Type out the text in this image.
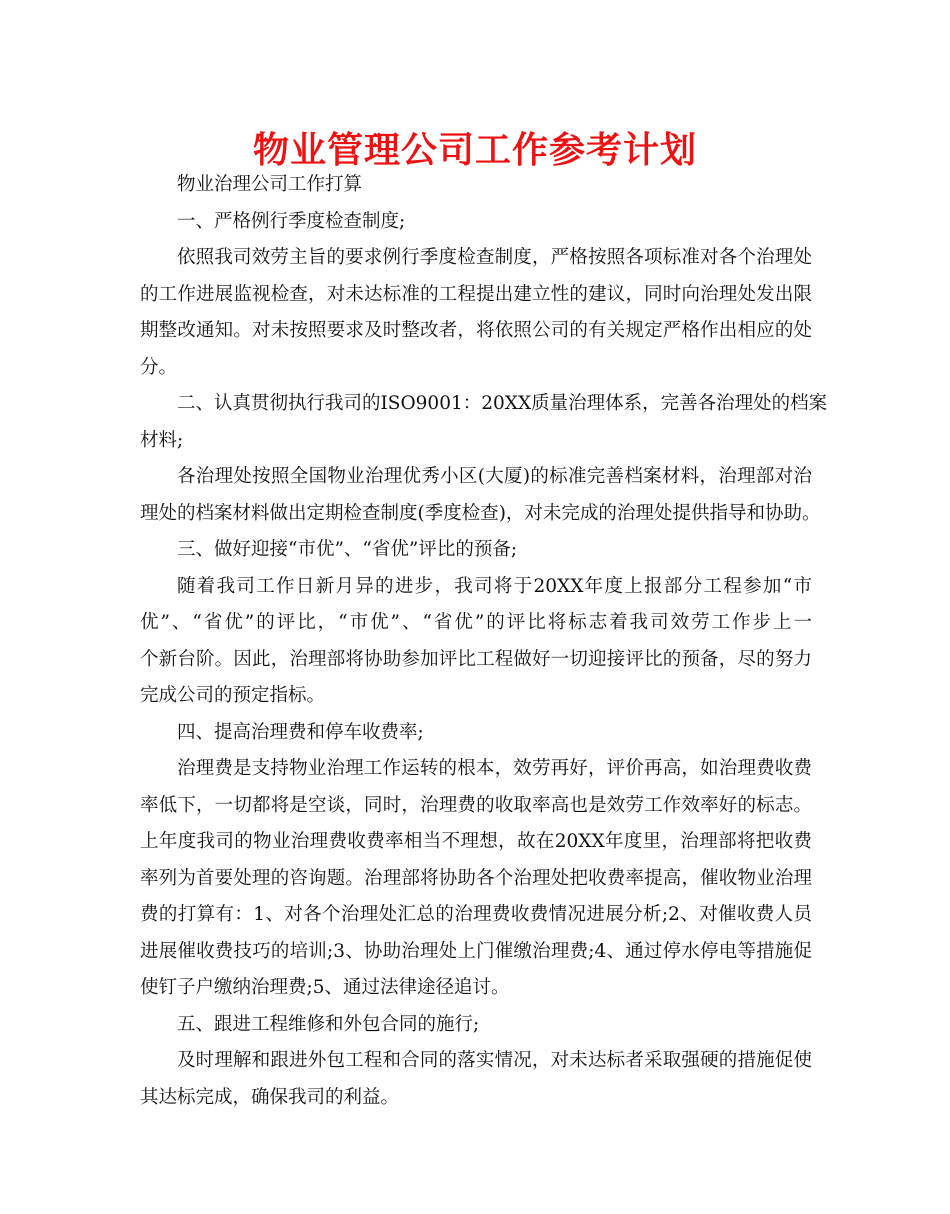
物业管理公司工作参考计划
物业治理公司工作打算
一、严格例行季度检查制度;
依照我司效劳主旨的要求例行季度检查制度，严格按照各项标准对各个治理处
的工作进展监视检查，对未达标准的工程提出建立性的建议，同时向治理处发出限
期整改通知。对未按照要求及时整改者，将依照公司的有关规定严格作出相应的处
分。
二、认真贯彻执行我司的ISO9001：20XX质量治理体系，完善各治理处的档案
材料;
各治理处按照全国物业治理优秀小区(大厦)的标准完善档案材料，治理部对治
理处的档案材料做出定期检查制度(季度检查)，对未完成的治理处提供指导和协助。
三、做好迎接“市优”、“省优”评比的预备;
随着我司工作日新月异的进步，我司将于20XX年度上报部分工程参加“市
优”、“省优”的评比，“市优”、“省优”的评比将标志着我司效劳工作步上一
个新台阶。因此，治理部将协助参加评比工程做好一切迎接评比的预备，尽的努力
完成公司的预定指标。
四、提高治理费和停车收费率;
治理费是支持物业治理工作运转的根本，效劳再好，评价再高，如治理费收费
率低下，一切都将是空谈，同时，治理费的收取率高也是效劳工作效率好的标志。
上年度我司的物业治理费收费率相当不理想，故在20XX年度里，治理部将把收费
率列为首要处理的咨询题。治理部将协助各个治理处把收费率提高，催收物业治理
费的打算有：1、对各个治理处汇总的治理费收费情况进展分析;2、对催收费人员
进展催收费技巧的培训;3、协助治理处上门催缴治理费;4、通过停水停电等措施促
使钉子户缴纳治理费;5、通过法律途径追讨。
五、跟进工程维修和外包合同的施行;
及时理解和跟进外包工程和合同的落实情况，对未达标者采取强硬的措施促使
其达标完成，确保我司的利益。
